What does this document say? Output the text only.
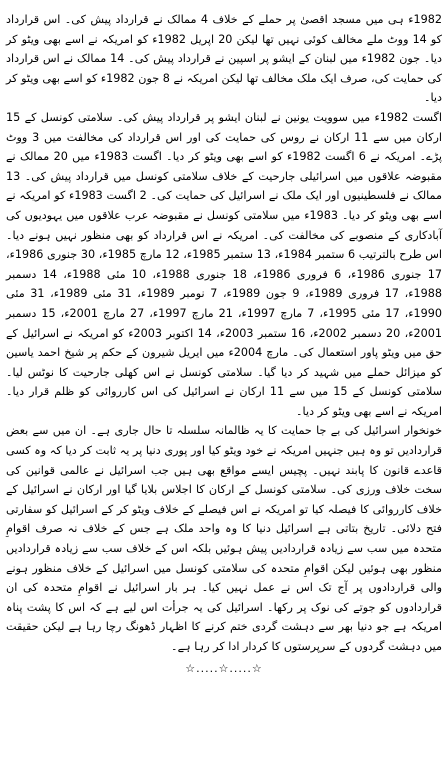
1982ء ہی میں مسجد اقصیٰ پر حملے کے خلاف 4 ممالک نے قرارداد پیش کی۔ اس قرارداد کو 14 ووٹ ملے مخالف کوئی نہیں تھا لیکن 20 اپریل 1982ء کو امریکہ نے اسے بھی ویٹو کر دیا۔ جون 1982ء میں لبنان کے ایشو پر اسپین نے قرارداد پیش کی۔ 14 ممالک نے اس قرارداد کی حمایت کی، صرف ایک ملک مخالف تھا لیکن امریکہ نے 8 جون 1982ء کو اسے بھی ویٹو کر دیا۔

اگست 1982ء میں سوویت یونین نے لبنان ایشو پر قرارداد پیش کی۔ سلامتی کونسل کے 15 ارکان میں سے 11 ارکان نے روس کی حمایت کی اور اس قرارداد کی مخالفت میں 3 ووٹ پڑے۔ امریکہ نے 6 اگست 1982ء کو اسے بھی ویٹو کر دیا۔ اگست 1983ء میں 20 ممالک نے مقبوضہ علاقوں میں اسرائیلی جارحیت کے خلاف سلامتی کونسل میں قرارداد پیش کی۔ 13 ممالک نے فلسطینیوں اور ایک ملک نے اسرائیل کی حمایت کی۔ 2 اگست 1983ء کو امریکہ نے اسے بھی ویٹو کر دیا۔ 1983ء میں سلامتی کونسل نے مقبوضہ عرب علاقوں میں یہودیوں کی آبادکاری کے منصوبے کی مخالفت کی۔ امریکہ نے اس قرارداد کو بھی منظور نہیں ہونے دیا۔ اس طرح بالترتیب 6 ستمبر 1984ء، 13 ستمبر 1985ء، 12 مارچ 1985ء، 30 جنوری 1986ء، 17 جنوری 1986ء، 6 فروری 1986ء، 18 جنوری 1988ء، 10 مئی 1988ء، 14 دسمبر 1988ء، 17 فروری 1989ء، 9 جون 1989ء، 7 نومبر 1989ء، 31 مئی 1989ء، 31 مئی 1990ء، 17 مئی 1995ء، 7 مارچ 1997ء، 21 مارچ 1997ء، 27 مارچ 2001ء، 15 دسمبر 2001ء، 20 دسمبر 2002ء، 16 ستمبر 2003ء، 14 اکتوبر 2003ء کو امریکہ نے اسرائیل کے حق میں ویٹو پاور استعمال کی۔ مارچ 2004ء میں ایریل شیرون کے حکم پر شیخ احمد یاسین کو میزائل حملے میں شہید کر دیا گیا۔ سلامتی کونسل نے اس کھلی جارحیت کا نوٹس لیا۔ سلامتی کونسل کے 15 میں سے 11 ارکان نے اسرائیل کی اس کارروائی کو ظلم قرار دیا۔ امریکہ نے اسے بھی ویٹو کر دیا۔

خونخوار اسرائیل کی بے جا حمایت کا یہ ظالمانہ سلسلہ تا حال جاری ہے۔ ان میں سے بعض قراردادیں تو وہ ہیں جنہیں امریکہ نے خود ویٹو کیا اور پوری دنیا پر یہ ثابت کر دیا کہ وہ کسی قاعدے قانون کا پابند نہیں۔ پچیس ایسے مواقع بھی ہیں جب اسرائیل نے عالمی قوانین کی سخت خلاف ورزی کی۔ سلامتی کونسل کے ارکان کا اجلاس بلایا گیا اور ارکان نے اسرائیل کے خلاف کارروائی کا فیصلہ کیا تو امریکہ نے اس فیصلے کے خلاف ویٹو کر کے اسرائیل کو سفارتی فتح دلائی۔ تاریخ بتاتی ہے اسرائیل دنیا کا وہ واحد ملک ہے جس کے خلاف نہ صرف اقوامِ متحدہ میں سب سے زیادہ قراردادیں پیش ہوئیں بلکہ اس کے خلاف سب سے زیادہ قراردادیں منظور بھی ہوئیں لیکن اقوامِ متحدہ کی سلامتی کونسل میں اسرائیل کے خلاف منظور ہونے والی قراردادوں پر آج تک اس نے عمل نہیں کیا۔ ہر بار اسرائیل نے اقوامِ متحدہ کی ان قراردادوں کو جوتے کی نوک پر رکھا۔ اسرائیل کی یہ جرأت اس لیے ہے کہ اس کا پشت پناہ امریکہ ہے جو دنیا بھر سے دہشت گردی ختم کرنے کا اظہار ڈھونگ رچا رہا ہے لیکن حقیقت میں دہشت گردوں کے سرپرستوں کا کردار ادا کر رہا ہے۔

☆.....☆.....☆
